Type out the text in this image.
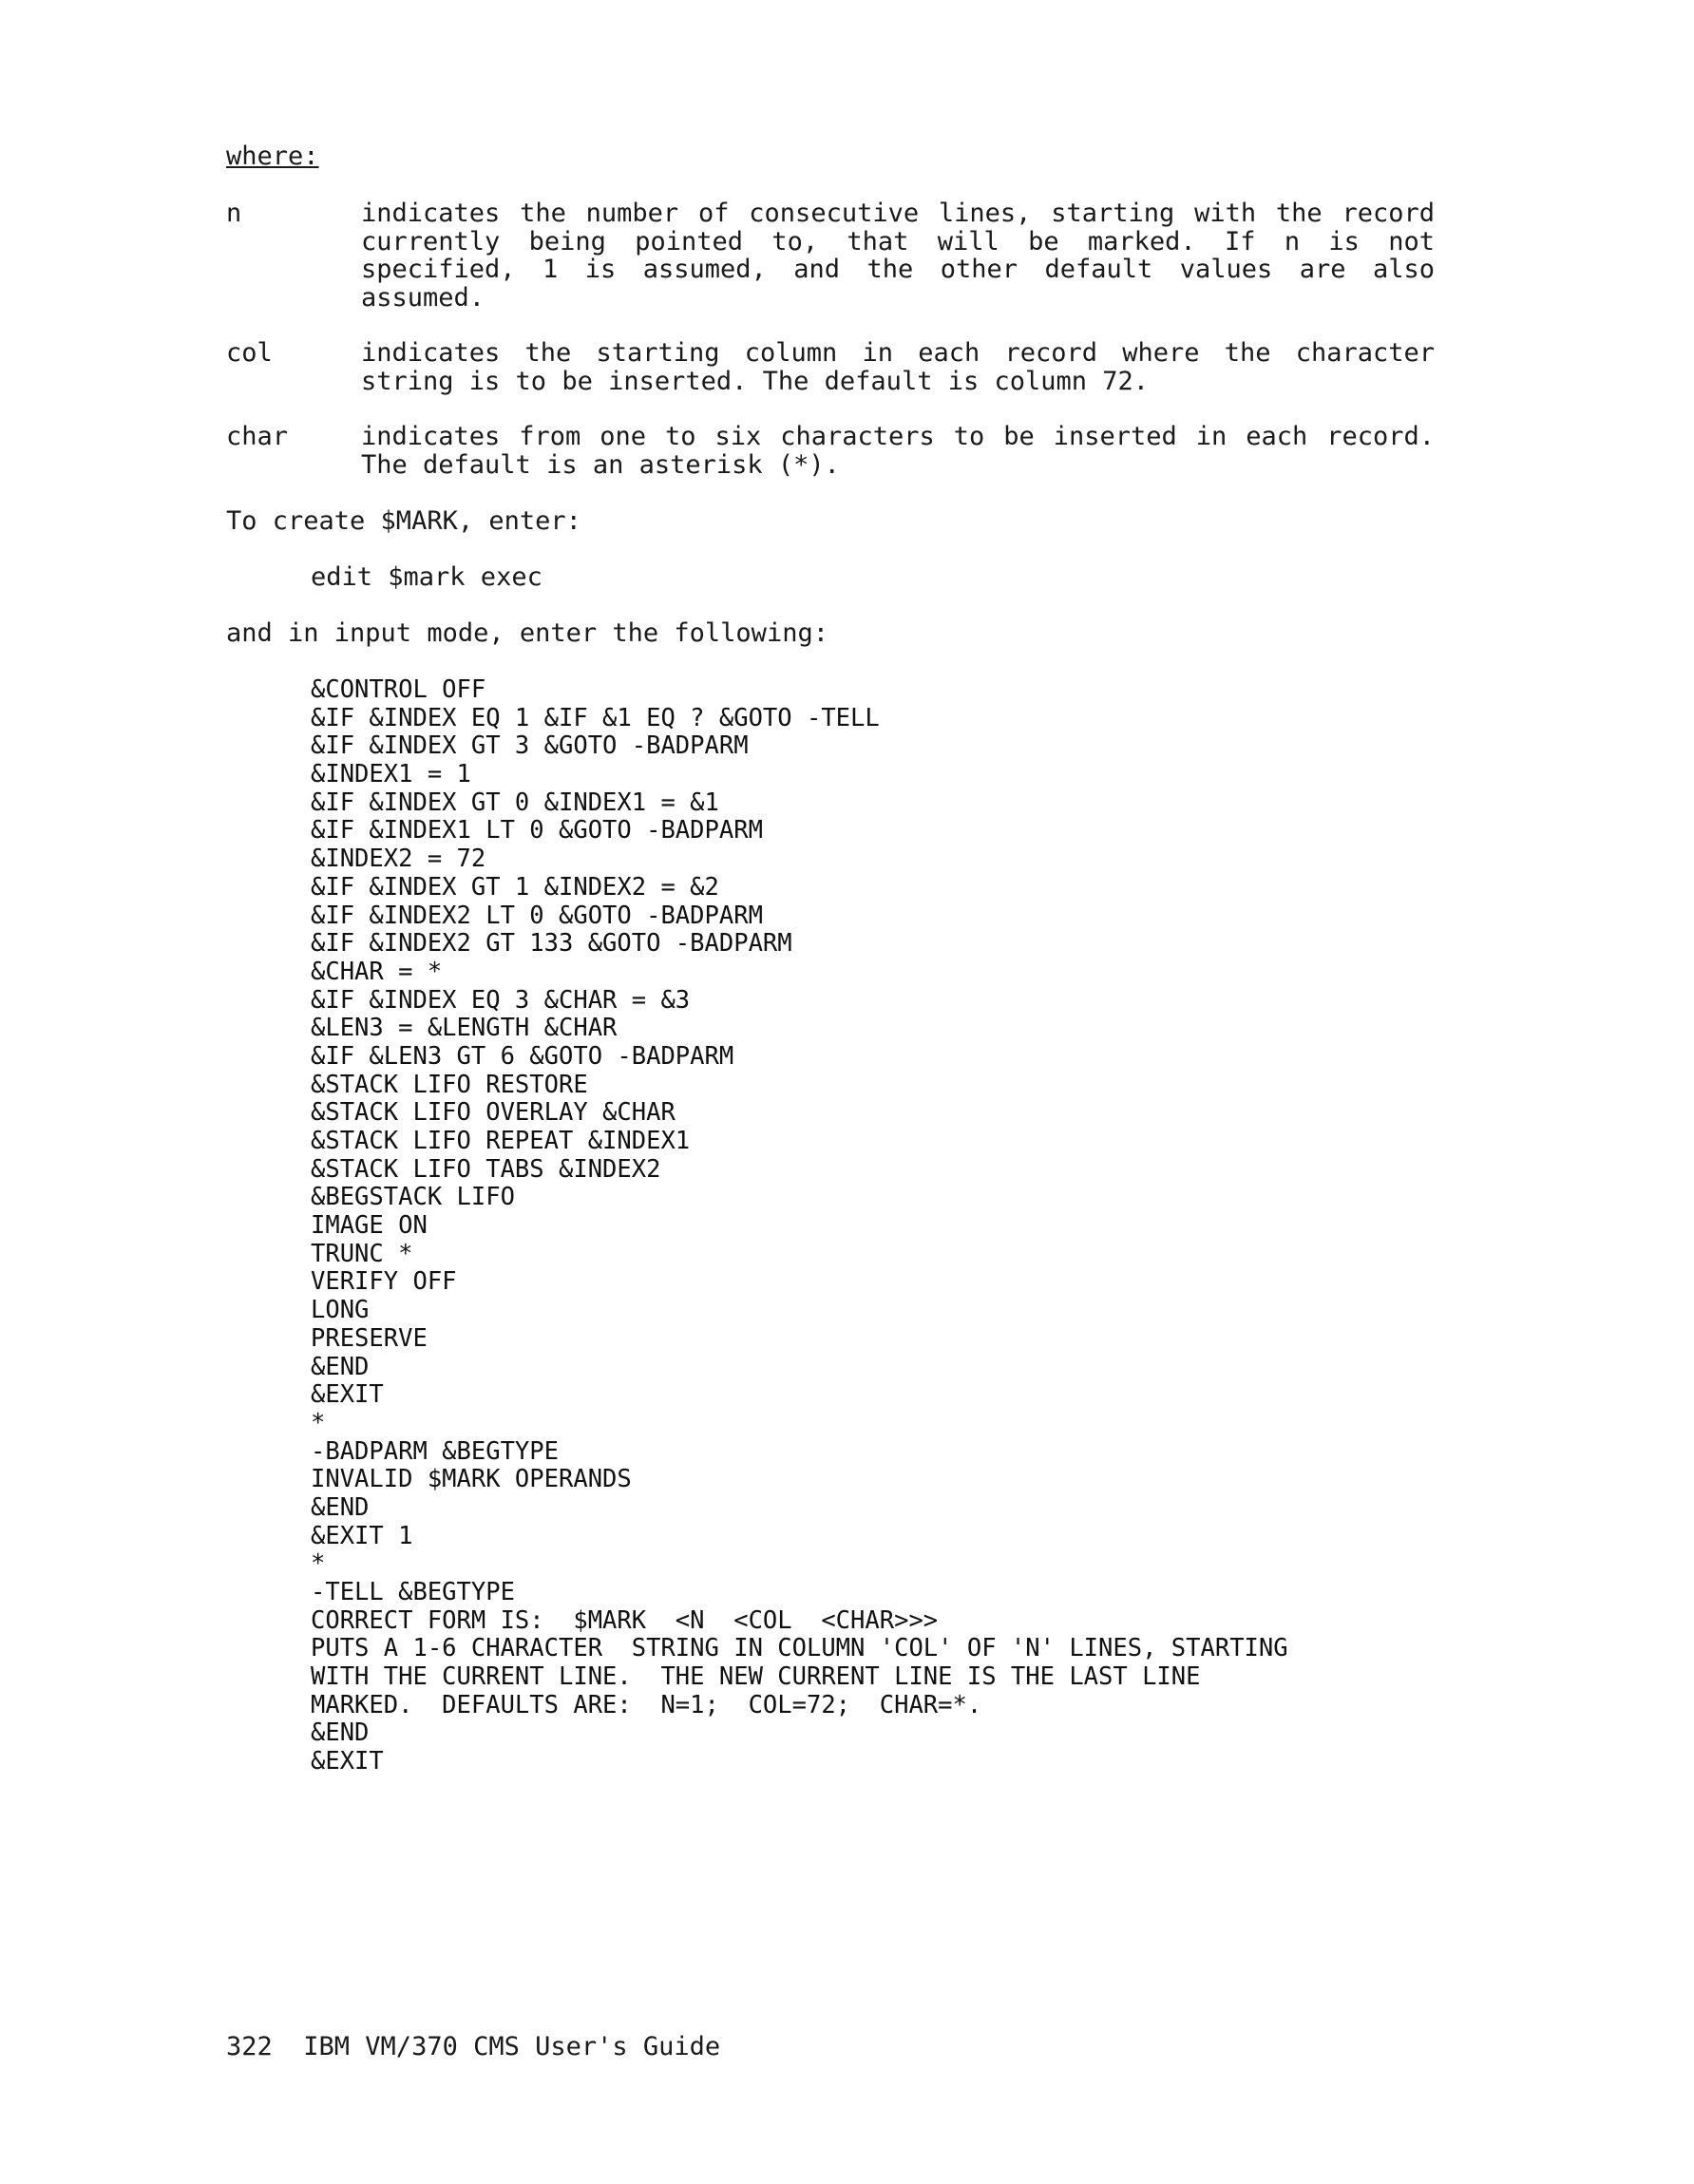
where:
n	indicates the number of consecutive lines, starting with the record currently being pointed to, that will be marked. If n is not specified, 1 is assumed, and the other default values are also assumed.
col	indicates the starting column in each record where the character string is to be inserted. The default is column 72.
char	indicates from one to six characters to be inserted in each record. The default is an asterisk (*).
To create $MARK, enter:
edit $mark exec
and in input mode, enter the following:
&CONTROL OFF
&IF &INDEX EQ 1 &IF &1 EQ ? &GOTO -TELL
&IF &INDEX GT 3 &GOTO -BADPARM
&INDEX1 = 1
&IF &INDEX GT 0 &INDEX1 = &1
&IF &INDEX1 LT 0 &GOTO -BADPARM
&INDEX2 = 72
&IF &INDEX GT 1 &INDEX2 = &2
&IF &INDEX2 LT 0 &GOTO -BADPARM
&IF &INDEX2 GT 133 &GOTO -BADPARM
&CHAR = *
&IF &INDEX EQ 3 &CHAR = &3
&LEN3 = &LENGTH &CHAR
&IF &LEN3 GT 6 &GOTO -BADPARM
&STACK LIFO RESTORE
&STACK LIFO OVERLAY &CHAR
&STACK LIFO REPEAT &INDEX1
&STACK LIFO TABS &INDEX2
&BEGSTACK LIFO
IMAGE ON
TRUNC *
VERIFY OFF
LONG
PRESERVE
&END
&EXIT
*
-BADPARM &BEGTYPE
INVALID $MARK OPERANDS
&END
&EXIT 1
*
-TELL &BEGTYPE
CORRECT FORM IS:  $MARK  <N  <COL  <CHAR>>>
PUTS A 1-6 CHARACTER  STRING IN COLUMN 'COL' OF 'N' LINES, STARTING
WITH THE CURRENT LINE.  THE NEW CURRENT LINE IS THE LAST LINE
MARKED.  DEFAULTS ARE:  N=1;  COL=72;  CHAR=*.
&END
&EXIT
322  IBM VM/370 CMS User's Guide
